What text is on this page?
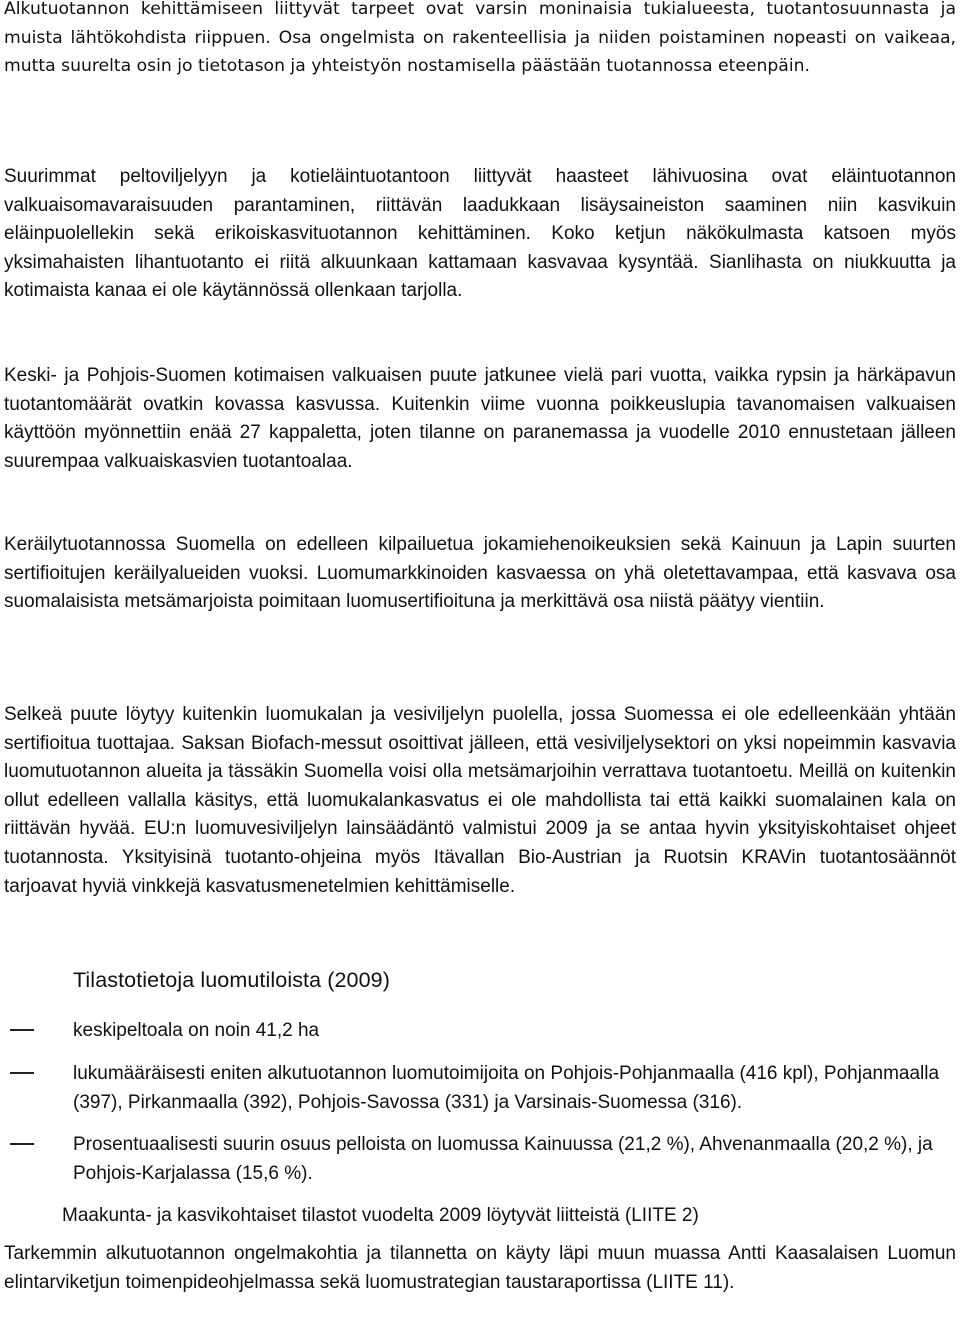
Alkutuotannon kehittämiseen liittyvät tarpeet ovat varsin moninaisia tukialueesta, tuotantosuunnasta ja muista lähtökohdista riippuen. Osa ongelmista on rakenteellisia ja niiden poistaminen nopeasti on vaikeaa, mutta suurelta osin jo tietotason ja yhteistyön nostamisella päästään tuotannossa eteenpäin.

Suurimmat peltoviljelyyn ja kotieläintuotantoon liittyvät haasteet lähivuosina ovat eläintuotannon valkuaisomavaraisuuden parantaminen, riittävän laadukkaan lisäysaineiston saaminen niin kasvikuin eläinpuolellekin sekä erikoiskasvituotannon kehittäminen. Koko ketjun näkökulmasta katsoen myös yksimahaisten lihantuotanto ei riitä alkuunkaan kattamaan kasvavaa kysyntää. Sianlihasta on niukkuutta ja kotimaista kanaa ei ole käytännössä ollenkaan tarjolla.

Keski- ja Pohjois-Suomen kotimaisen valkuaisen puute jatkunee vielä pari vuotta, vaikka rypsin ja härkäpavun tuotantomäärät ovatkin kovassa kasvussa. Kuitenkin viime vuonna poikkeuslupia tavanomaisen valkuaisen käyttöön myönnettiin enää 27 kappaletta, joten tilanne on paranemassa ja vuodelle 2010 ennustetaan jälleen suurempaa valkuaiskasvien tuotantoalaa.

Keräilytuotannossa Suomella on edelleen kilpailuetua jokamiehenoikeuksien sekä Kainuun ja Lapin suurten sertifioitujen keräilyalueiden vuoksi. Luomumarkkinoiden kasvaessa on yhä oletettavampaa, että kasvava osa suomalaisista metsämarjoista poimitaan luomusertifioituna ja merkittävä osa niistä päätyy vientiin.

Selkeä puute löytyy kuitenkin luomukalan ja vesiviljelyn puolella, jossa Suomessa ei ole edelleenkään yhtään sertifioitua tuottajaa. Saksan Biofach-messut osoittivat jälleen, että vesiviljelysektori on yksi nopeimmin kasvavia luomutuotannon alueita ja tässäkin Suomella voisi olla metsämarjoihin verrattava tuotantoetu. Meillä on kuitenkin ollut edelleen vallalla käsitys, että luomukalankasvatus ei ole mahdollista tai että kaikki suomalainen kala on riittävän hyvää. EU:n luomuvesiviljelyn lainsäädäntö valmistui 2009 ja se antaa hyvin yksityiskohtaiset ohjeet tuotannosta. Yksityisinä tuotanto-ohjeina myös Itävallan Bio-Austrian ja Ruotsin KRAVin tuotantosäännöt tarjoavat hyviä vinkkejä kasvatusmenetelmien kehittämiselle.

Tilastotietoja luomutiloista (2009)

keskipeltoala on noin 41,2 ha

lukumääräisesti eniten alkutuotannon luomutoimijoita on Pohjois-Pohjanmaalla (416 kpl), Pohjanmaalla (397), Pirkanmaalla (392), Pohjois-Savossa (331) ja Varsinais-Suomessa (316).

Prosentuaalisesti suurin osuus pelloista on luomussa Kainuussa (21,2 %), Ahvenanmaalla (20,2 %), ja Pohjois-Karjalassa (15,6 %).

Maakunta- ja kasvikohtaiset tilastot vuodelta 2009 löytyvät liitteistä (LIITE 2)

Tarkemmin alkutuotannon ongelmakohtia ja tilannetta on käyty läpi muun muassa Antti Kaasalaisen Luomun elintarviketjun toimenpideohjelmassa sekä luomustrategian taustaraportissa (LIITE 11).
